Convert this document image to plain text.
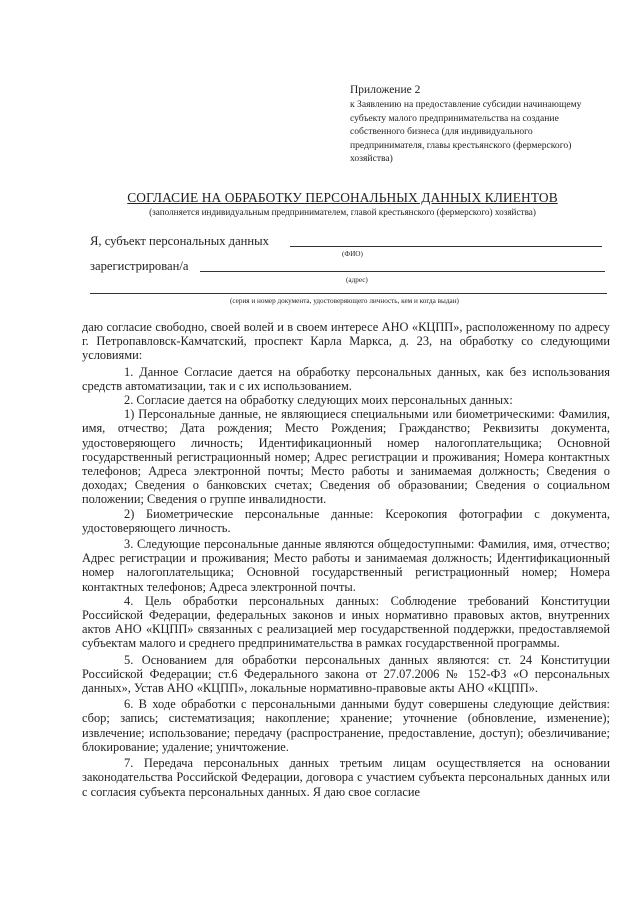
Приложение 2
к Заявлению на предоставление субсидии начинающему субъекту малого предпринимательства на создание собственного бизнеса (для индивидуального предпринимателя, главы крестьянского (фермерского) хозяйства)
СОГЛАСИЕ НА ОБРАБОТКУ ПЕРСОНАЛЬНЫХ ДАННЫХ КЛИЕНТОВ
(заполняется индивидуальным предпринимателем, главой крестьянского (фермерского) хозяйства)
Я, субъект персональных данных
(ФИО)
зарегистрирован/а
(адрес)
(серия и номер документа, удостоверяющего личность, кем и когда выдан)

даю согласие свободно, своей волей и в своем интересе АНО «КЦПП», расположенному по адресу г. Петропавловск-Камчатский, проспект Карла Маркса, д. 23, на обработку со следующими условиями:

1. Данное Согласие дается на обработку персональных данных, как без использования средств автоматизации, так и с их использованием.

2. Согласие дается на обработку следующих моих персональных данных:

1) Персональные данные, не являющиеся специальными или биометрическими: Фамилия, имя, отчество; Дата рождения; Место Рождения; Гражданство; Реквизиты документа, удостоверяющего личность; Идентификационный номер налогоплательщика; Основной государственный регистрационный номер; Адрес регистрации и проживания; Номера контактных телефонов; Адреса электронной почты; Место работы и занимаемая должность; Сведения о доходах; Сведения о банковских счетах; Сведения об образовании; Сведения о социальном положении; Сведения о группе инвалидности.

2) Биометрические персональные данные: Ксерокопия фотографии с документа, удостоверяющего личность.

3. Следующие персональные данные являются общедоступными: Фамилия, имя, отчество; Адрес регистрации и проживания; Место работы и занимаемая должность; Идентификационный номер налогоплательщика; Основной государственный регистрационный номер; Номера контактных телефонов; Адреса электронной почты.

4. Цель обработки персональных данных: Соблюдение требований Конституции Российской Федерации, федеральных законов и иных нормативно правовых актов, внутренних актов АНО «КЦПП» связанных с реализацией мер государственной поддержки, предоставляемой субъектам малого и среднего предпринимательства в рамках государственной программы.

5. Основанием для обработки персональных данных являются: ст. 24 Конституции Российской Федерации; ст.6 Федерального закона от 27.07.2006 № 152-ФЗ «О персональных данных», Устав АНО «КЦПП», локальные нормативно-правовые акты АНО «КЦПП».

6. В ходе обработки с персональными данными будут совершены следующие действия: сбор; запись; систематизация; накопление; хранение; уточнение (обновление, изменение); извлечение; использование; передачу (распространение, предоставление, доступ); обезличивание; блокирование; удаление; уничтожение.

7. Передача персональных данных третьим лицам осуществляется на основании законодательства Российской Федерации, договора с участием субъекта персональных данных или с согласия субъекта персональных данных. Я даю свое согласие
